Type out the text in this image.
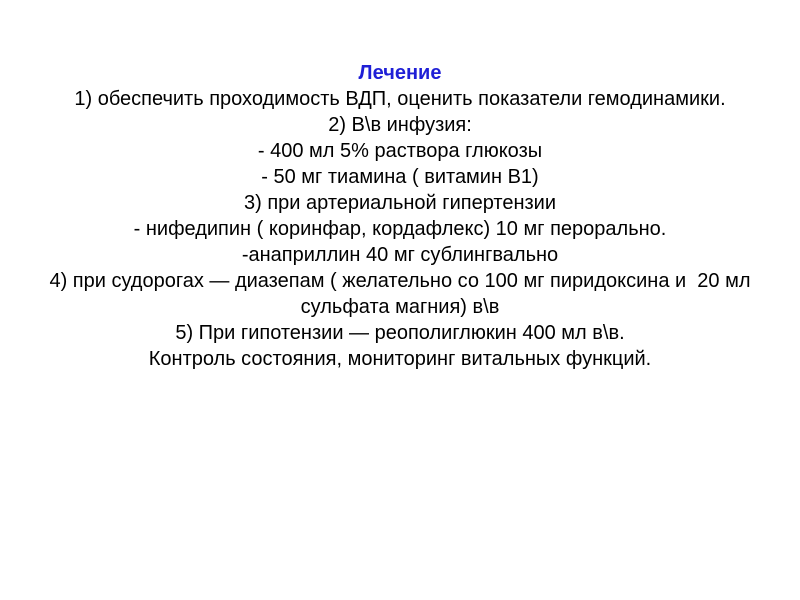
Лечение
1) обеспечить проходимость ВДП, оценить показатели гемодинамики.
2) В\в инфузия:
- 400 мл 5% раствора глюкозы
- 50 мг тиамина ( витамин В1)
3) при артериальной гипертензии
- нифедипин ( коринфар, кордафлекс) 10 мг перорально.
-анаприллин 40 мг сублингвально
4) при судорогах — диазепам ( желательно со 100 мг пиридоксина и  20 мл сульфата магния) в\в
5) При гипотензии — реополиглюкин 400 мл в\в.
Контроль состояния, мониторинг витальных функций.
